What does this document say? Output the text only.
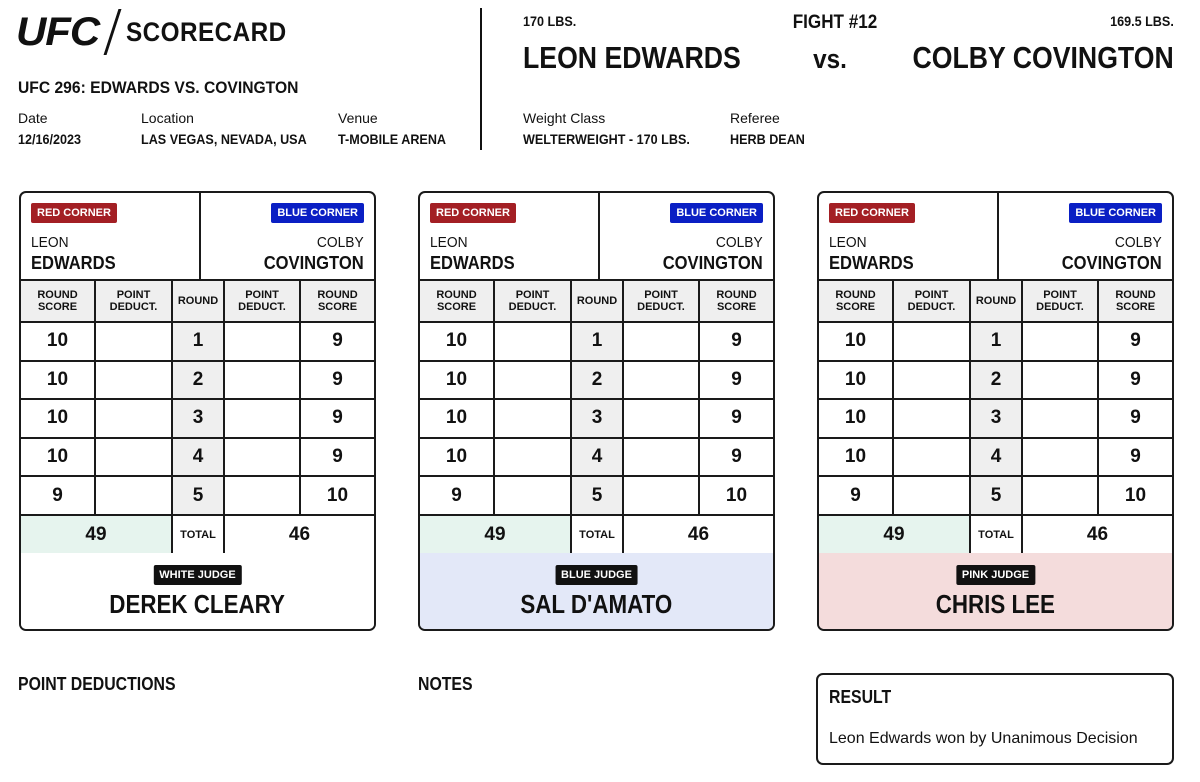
UFC SCORECARD
UFC 296: EDWARDS VS. COVINGTON
Date
12/16/2023
Location
LAS VEGAS, NEVADA, USA
Venue
T-MOBILE ARENA
170 LBS.	FIGHT #12	169.5 LBS.
LEON EDWARDS	vs.	COLBY COVINGTON
Weight Class
WELTERWEIGHT - 170 LBS.
Referee
HERB DEAN
RED CORNER	BLUE CORNER
LEON
EDWARDS
COLBY
COVINGTON
ROUND SCORE	POINT DEDUCT.	ROUND	POINT DEDUCT.	ROUND SCORE
10		1		9
10		2		9
10		3		9
10		4		9
9		5		10
49		TOTAL	46	
WHITE JUDGE
DEREK CLEARY
RED CORNER	BLUE CORNER
LEON
EDWARDS
COLBY
COVINGTON
ROUND SCORE	POINT DEDUCT.	ROUND	POINT DEDUCT.	ROUND SCORE
10		1		9
10		2		9
10		3		9
10		4		9
9		5		10
49		TOTAL	46	
BLUE JUDGE
SAL D'AMATO
RED CORNER	BLUE CORNER
LEON
EDWARDS
COLBY
COVINGTON
ROUND SCORE	POINT DEDUCT.	ROUND	POINT DEDUCT.	ROUND SCORE
10		1		9
10		2		9
10		3		9
10		4		9
9		5		10
49		TOTAL	46	
PINK JUDGE
CHRIS LEE
POINT DEDUCTIONS	NOTES
RESULT
Leon Edwards won by Unanimous Decision
